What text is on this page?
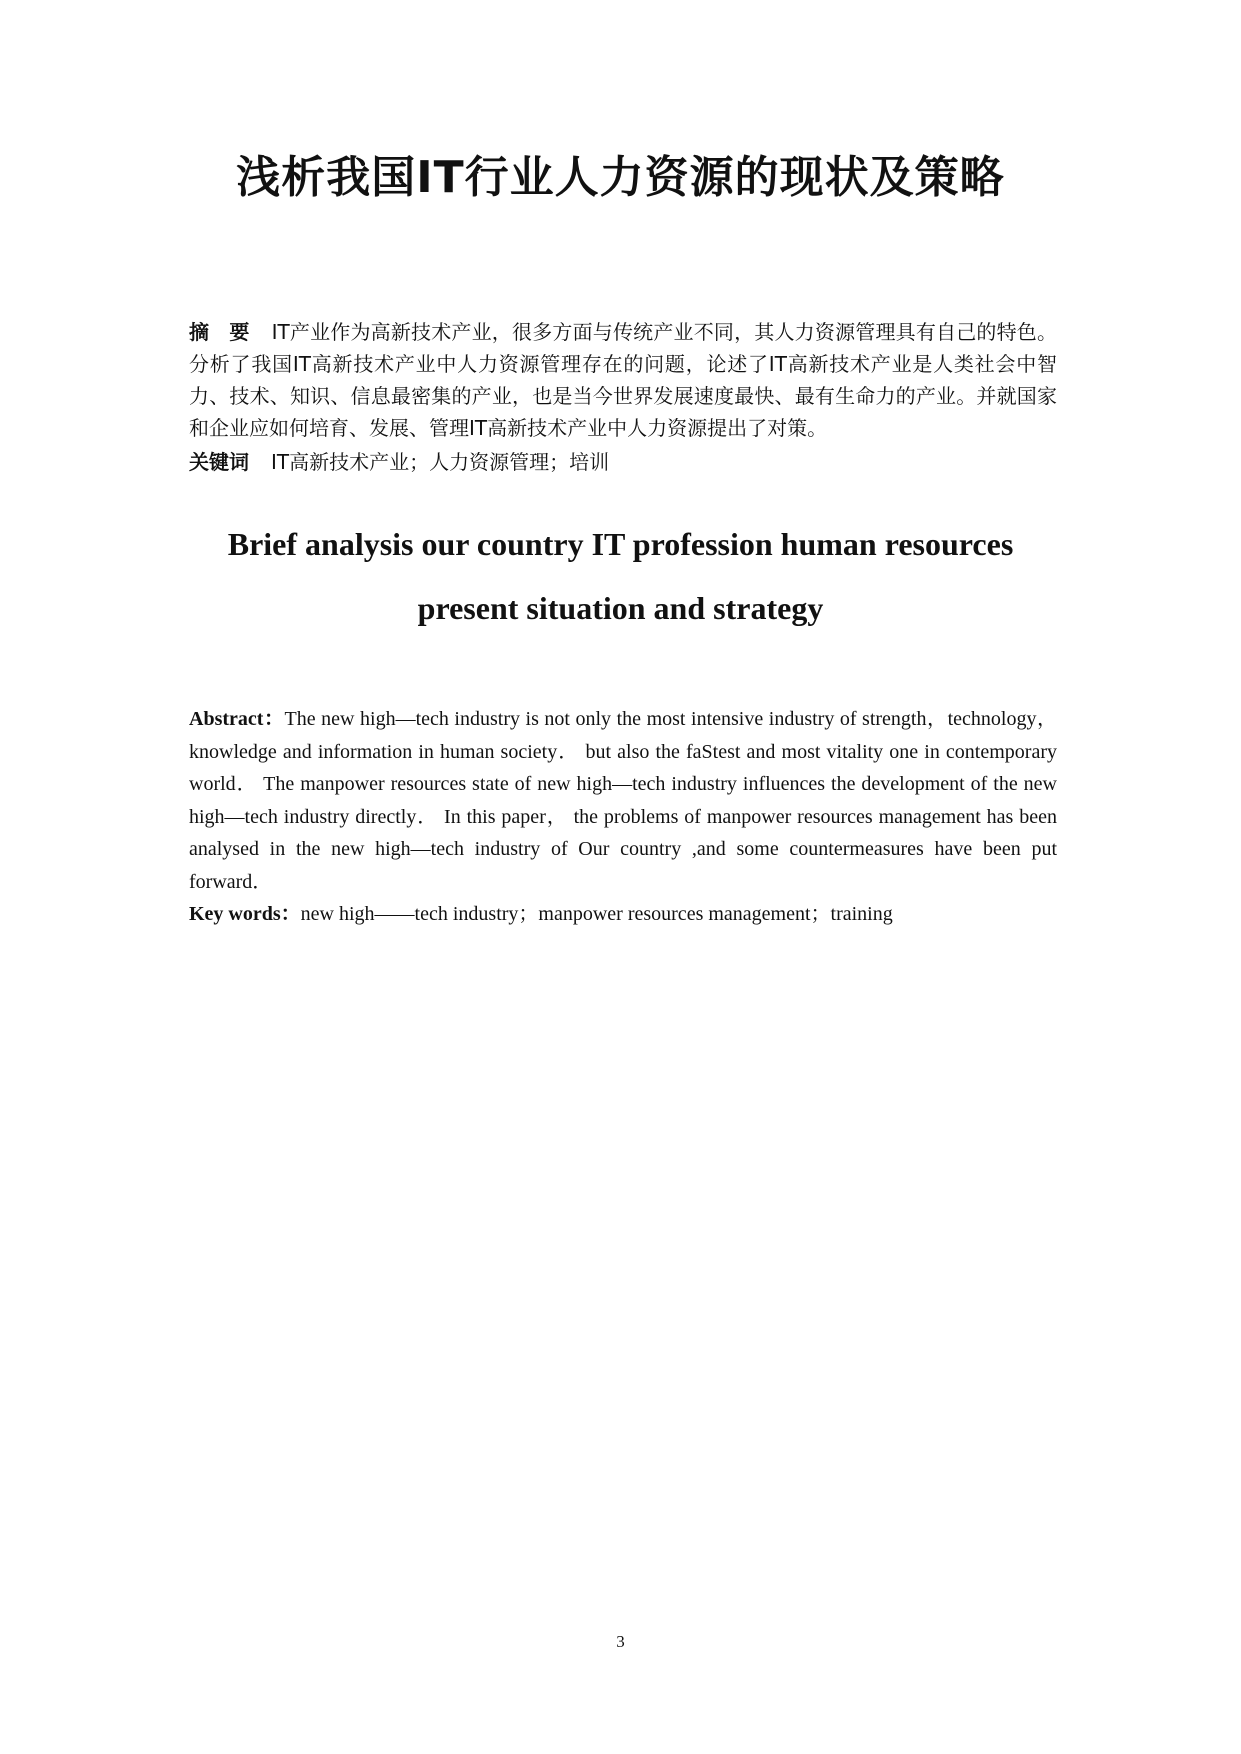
浅析我国IT行业人力资源的现状及策略
摘　要 IT产业作为高新技术产业，很多方面与传统产业不同，其人力资源管理具有自己的特色。分析了我国IT高新技术产业中人力资源管理存在的问题，论述了IT高新技术产业是人类社会中智力、技术、知识、信息最密集的产业，也是当今世界发展速度最快、最有生命力的产业。并就国家和企业应如何培育、发展、管理IT高新技术产业中人力资源提出了对策。
关键词 IT高新技术产业；人力资源管理；培训
Brief analysis our country IT profession human resources
present situation and strategy
Abstract：The new high—tech industry is not only the most intensive industry of strength，technology，knowledge and information in human society． but also the faStest and most vitality one in contemporary world． The manpower resources state of new high—tech industry influences the development of the new high—tech industry directly． In this paper， the problems of manpower resources management has been analysed in the new high—tech industry of Our country ,and some countermeasures have been put forward．
Key words：new high——tech industry；manpower resources management；training
3
